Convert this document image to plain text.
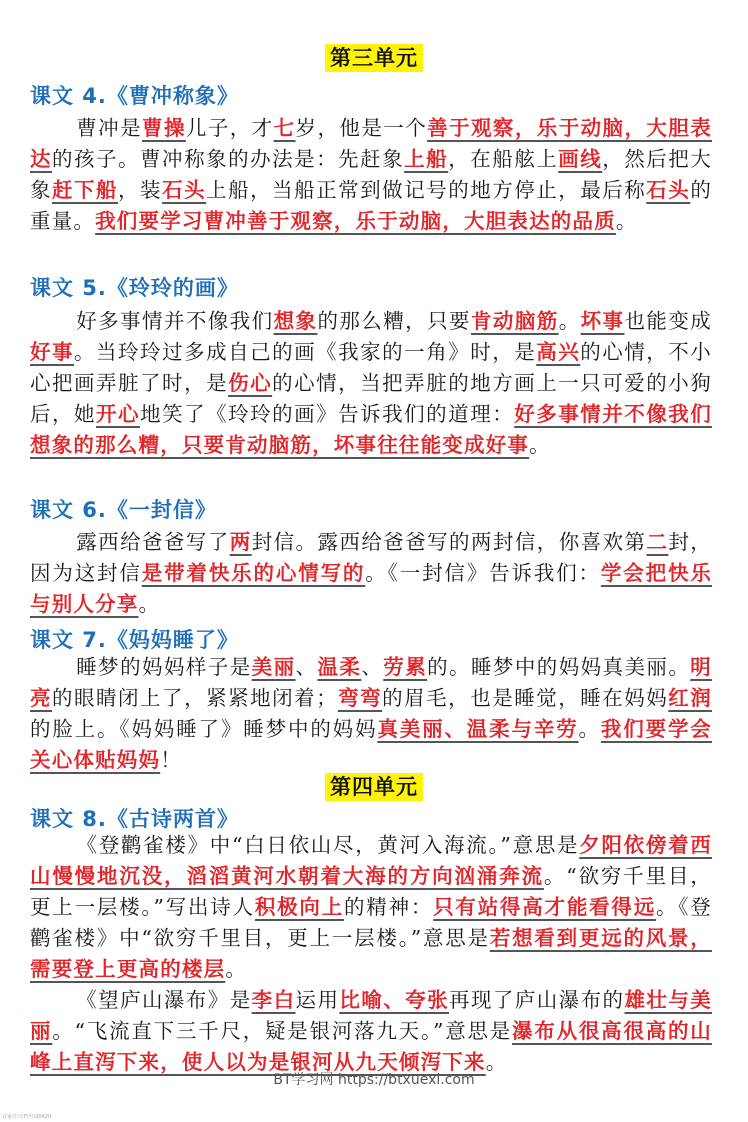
第三单元
课文 4.《曹冲称象》
曹冲是曹操儿子，才七岁，他是一个善于观察，乐于动脑，大胆表达的孩子。曹冲称象的办法是：先赶象上船，在船舷上画线，然后把大象赶下船，装石头上船，当船正常到做记号的地方停止，最后称石头的重量。我们要学习曹冲善于观察，乐于动脑，大胆表达的品质。
课文 5.《玲玲的画》
好多事情并不像我们想象的那么糟，只要肯动脑筋。坏事也能变成好事。当玲玲过多成自己的画《我家的一角》时，是高兴的心情，不小心把画弄脏了时，是伤心的心情，当把弄脏的地方画上一只可爱的小狗后，她开心地笑了《玲玲的画》告诉我们的道理：好多事情并不像我们想象的那么糟，只要肯动脑筋，坏事往往能变成好事。
课文 6.《一封信》
露西给爸爸写了两封信。露西给爸爸写的两封信，你喜欢第二封，因为这封信是带着快乐的心情写的。《一封信》告诉我们：学会把快乐与别人分享。
课文 7.《妈妈睡了》
睡梦的妈妈样子是美丽、温柔、劳累的。睡梦中的妈妈真美丽。明亮的眼睛闭上了，紧紧地闭着；弯弯的眉毛，也是睡觉，睡在妈妈红润的脸上。《妈妈睡了》睡梦中的妈妈真美丽、温柔与辛劳。我们要学会关心体贴妈妈！
第四单元
课文 8.《古诗两首》
《登鹳雀楼》中“白日依山尽，黄河入海流。”意思是夕阳依傍着西山慢慢地沉没，滔滔黄河水朝着大海的方向汹涌奔流。“欲穷千里目，更上一层楼。”写出诗人积极向上的精神：只有站得高才能看得远。《登鹳雀楼》中“欲穷千里目，更上一层楼。”意思是若想看到更远的风景，需要登上更高的楼层。
《望庐山瀑布》是李白运用比喻、夸张再现了庐山瀑布的雄壮与美丽。“飞流直下三千尺，疑是银河落九天。”意思是瀑布从很高很高的山峰上直泻下来，使人以为是银河从九天倾泻下来。
BT学习网 https://btxuexi.com
百家号/文档号/20420
